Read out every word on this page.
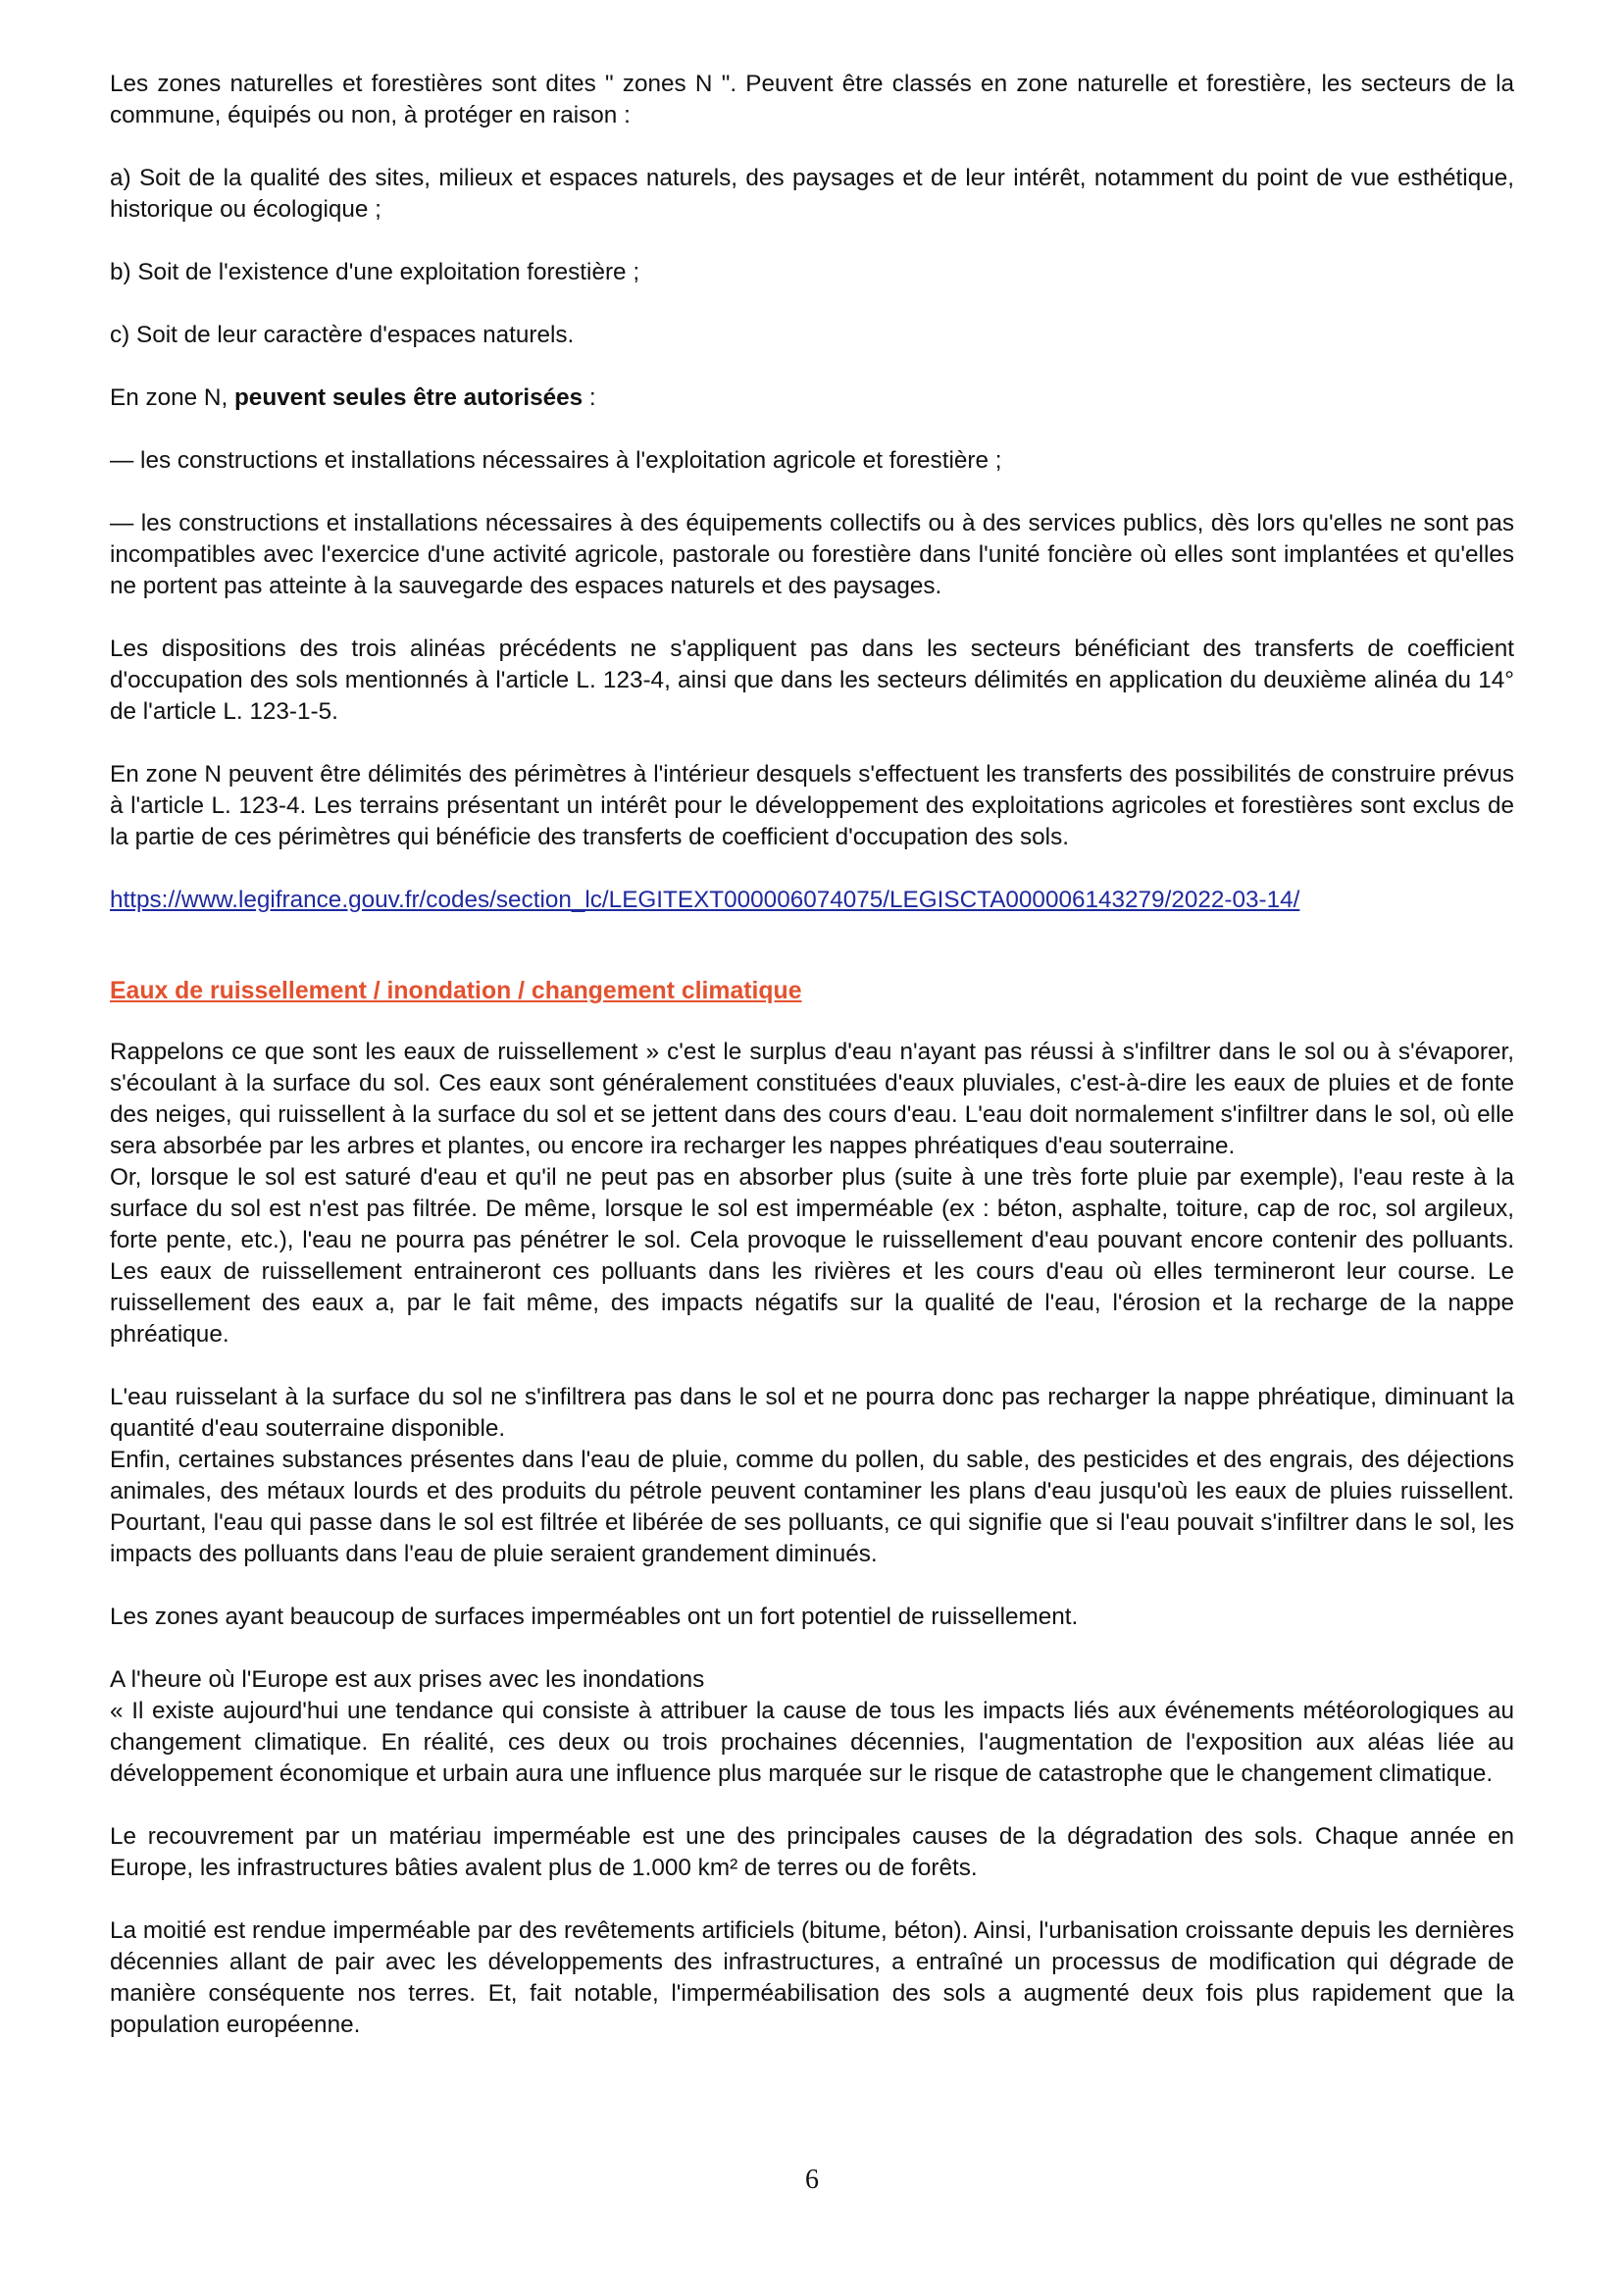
Les zones naturelles et forestières sont dites " zones N ". Peuvent être classés en zone naturelle et forestière, les secteurs de la commune, équipés ou non, à protéger en raison :

a) Soit de la qualité des sites, milieux et espaces naturels, des paysages et de leur intérêt, notamment du point de vue esthétique, historique ou écologique ;

b) Soit de l'existence d'une exploitation forestière ;

c) Soit de leur caractère d'espaces naturels.

En zone N, peuvent seules être autorisées :

— les constructions et installations nécessaires à l'exploitation agricole et forestière ;

— les constructions et installations nécessaires à des équipements collectifs ou à des services publics, dès lors qu'elles ne sont pas incompatibles avec l'exercice d'une activité agricole, pastorale ou forestière dans l'unité foncière où elles sont implantées et qu'elles ne portent pas atteinte à la sauvegarde des espaces naturels et des paysages.

Les dispositions des trois alinéas précédents ne s'appliquent pas dans les secteurs bénéficiant des transferts de coefficient d'occupation des sols mentionnés à l'article L. 123-4, ainsi que dans les secteurs délimités en application du deuxième alinéa du 14° de l'article L. 123-1-5.

En zone N peuvent être délimités des périmètres à l'intérieur desquels s'effectuent les transferts des possibilités de construire prévus à l'article L. 123-4. Les terrains présentant un intérêt pour le développement des exploitations agricoles et forestières sont exclus de la partie de ces périmètres qui bénéficie des transferts de coefficient d'occupation des sols.

https://www.legifrance.gouv.fr/codes/section_lc/LEGITEXT000006074075/LEGISCTA000006143279/2022-03-14/
Eaux de ruissellement / inondation / changement climatique

Rappelons ce que sont les eaux de ruissellement » c'est le surplus d'eau n'ayant pas réussi à s'infiltrer dans le sol ou à s'évaporer, s'écoulant à la surface du sol. Ces eaux sont généralement constituées d'eaux pluviales, c'est-à-dire les eaux de pluies et de fonte des neiges, qui ruissellent à la surface du sol et se jettent dans des cours d'eau. L'eau doit normalement s'infiltrer dans le sol, où elle sera absorbée par les arbres et plantes, ou encore ira recharger les nappes phréatiques d'eau souterraine.

Or, lorsque le sol est saturé d'eau et qu'il ne peut pas en absorber plus (suite à une très forte pluie par exemple), l'eau reste à la surface du sol est n'est pas filtrée. De même, lorsque le sol est imperméable (ex : béton, asphalte, toiture, cap de roc, sol argileux, forte pente, etc.), l'eau ne pourra pas pénétrer le sol. Cela provoque le ruissellement d'eau pouvant encore contenir des polluants. Les eaux de ruissellement entraineront ces polluants dans les rivières et les cours d'eau où elles termineront leur course. Le ruissellement des eaux a, par le fait même, des impacts négatifs sur la qualité de l'eau, l'érosion et la recharge de la nappe phréatique.

L'eau ruisselant à la surface du sol ne s'infiltrera pas dans le sol et ne pourra donc pas recharger la nappe phréatique, diminuant la quantité d'eau souterraine disponible.

Enfin, certaines substances présentes dans l'eau de pluie, comme du pollen, du sable, des pesticides et des engrais, des déjections animales, des métaux lourds et des produits du pétrole peuvent contaminer les plans d'eau jusqu'où les eaux de pluies ruissellent. Pourtant, l'eau qui passe dans le sol est filtrée et libérée de ses polluants, ce qui signifie que si l'eau pouvait s'infiltrer dans le sol, les impacts des polluants dans l'eau de pluie seraient grandement diminués.

Les zones ayant beaucoup de surfaces imperméables ont un fort potentiel de ruissellement.

A l'heure où l'Europe est aux prises avec les inondations

« Il existe aujourd'hui une tendance qui consiste à attribuer la cause de tous les impacts liés aux événements météorologiques au changement climatique. En réalité, ces deux ou trois prochaines décennies, l'augmentation de l'exposition aux aléas liée au développement économique et urbain aura une influence plus marquée sur le risque de catastrophe que le changement climatique.

Le recouvrement par un matériau imperméable est une des principales causes de la dégradation des sols. Chaque année en Europe, les infrastructures bâties avalent plus de 1.000 km² de terres ou de forêts.

La moitié est rendue imperméable par des revêtements artificiels (bitume, béton). Ainsi, l'urbanisation croissante depuis les dernières décennies allant de pair avec les développements des infrastructures, a entraîné un processus de modification qui dégrade de manière conséquente nos terres. Et, fait notable, l'imperméabilisation des sols a augmenté deux fois plus rapidement que la population européenne.

6
